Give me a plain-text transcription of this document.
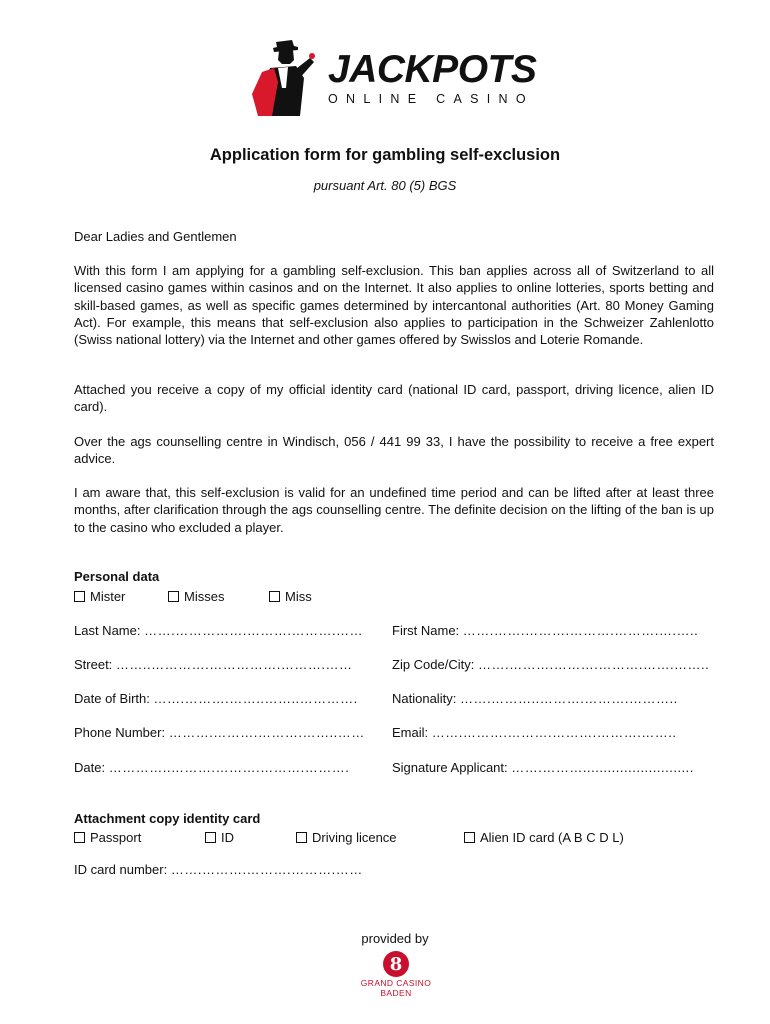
JACKPOTS
ONLINE CASINO
Application form for gambling self-exclusion

pursuant Art. 80 (5) BGS

Dear Ladies and Gentlemen

With this form I am applying for a gambling self-exclusion. This ban applies across all of Switzerland to all licensed casino games within casinos and on the Internet. It also applies to online lotteries, sports betting and skill-based games, as well as specific games determined by intercantonal authorities (Art. 80 Money Gaming Act). For example, this means that self-exclusion also applies to participation in the Schweizer Zahlenlotto (Swiss national lottery) via the Internet and other games offered by Swisslos and Loterie Romande.

Attached you receive a copy of my official identity card (national ID card, passport, driving licence, alien ID card).

Over the ags counselling centre in Windisch, 056 / 441 99 33, I have the possibility to receive a free expert advice.

I am aware that, this self-exclusion is valid for an undefined time period and can be lifted after at least three months, after clarification through the ags counselling centre. The definite decision on the lifting of the ban is up to the casino who excluded a player.

Personal data

Mister	Misses	Miss
Last Name: …….…………….……….……….……	First Name: …….…….……….……….……….….…..
Street: ……..………….…………….……….……	Zip Code/City: …….……….……….……….…….……..
Date of Birth: …….……….……..……..………….	Nationality: …….………..……….……….………..
Phone Number: ……….……….……….……..……	Email: …….……….……….……….……….……..
Date: …………..……….……….……….……….	Signature Applicant: …….………...........................

Attachment copy identity card

Passport	ID	Driving licence	Alien ID card (A B C D L)
ID card number: …….……….……….……….……
provided by
8
GRAND CASINO
BADEN
